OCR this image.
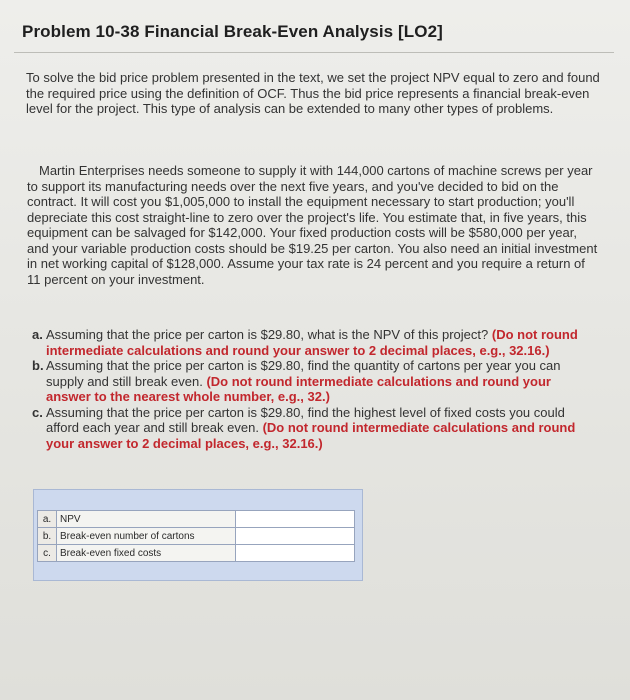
Problem 10-38 Financial Break-Even Analysis [LO2]

To solve the bid price problem presented in the text, we set the project NPV equal to zero and found the required price using the definition of OCF. Thus the bid price represents a financial break-even level for the project. This type of analysis can be extended to many other types of problems.

Martin Enterprises needs someone to supply it with 144,000 cartons of machine screws per year to support its manufacturing needs over the next five years, and you've decided to bid on the contract. It will cost you $1,005,000 to install the equipment necessary to start production; you'll depreciate this cost straight-line to zero over the project's life. You estimate that, in five years, this equipment can be salvaged for $142,000. Your fixed production costs will be $580,000 per year, and your variable production costs should be $19.25 per carton. You also need an initial investment in net working capital of $128,000. Assume your tax rate is 24 percent and you require a return of 11 percent on your investment.

a. Assuming that the price per carton is $29.80, what is the NPV of this project? (Do not round intermediate calculations and round your answer to 2 decimal places, e.g., 32.16.)
b. Assuming that the price per carton is $29.80, find the quantity of cartons per year you can supply and still break even. (Do not round intermediate calculations and round your answer to the nearest whole number, e.g., 32.)
c. Assuming that the price per carton is $29.80, find the highest level of fixed costs you could afford each year and still break even. (Do not round intermediate calculations and round your answer to 2 decimal places, e.g., 32.16.)
a.	NPV	
b.	Break-even number of cartons	
c.	Break-even fixed costs	
